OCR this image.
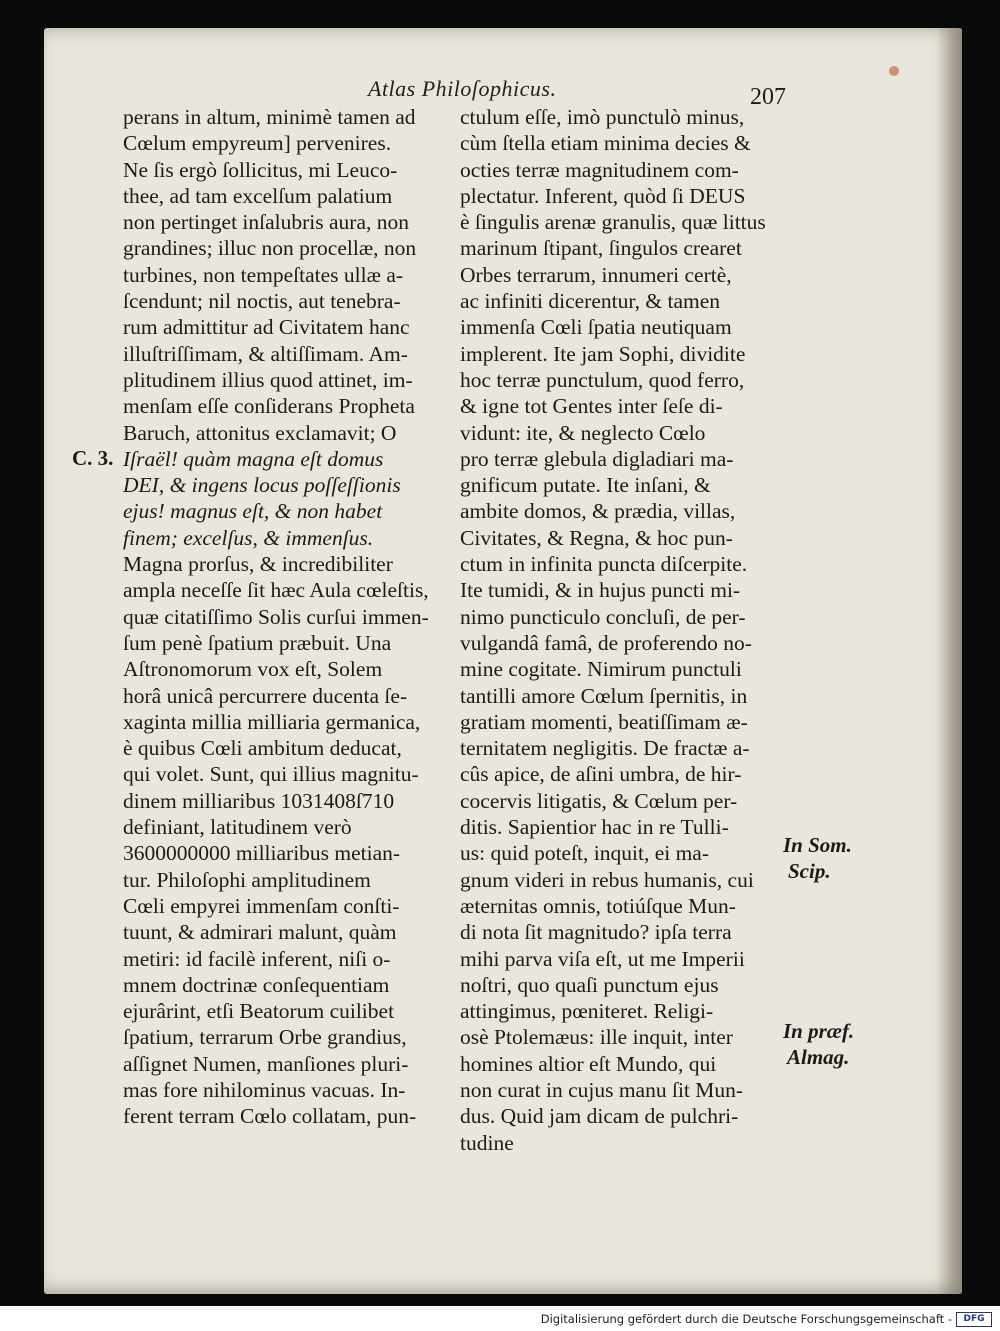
Atlas Philoſophicus.	207
perans in altum, minimè tamen ad
Cœlum empyreum] pervenires.
Ne ſis ergò ſollicitus, mi Leuco-
thee, ad tam excelſum palatium
non pertinget inſalubris aura, non
grandines; illuc non procellæ, non
turbines, non tempeſtates ullæ a-
ſcendunt; nil noctis, aut tenebra-
rum admittitur ad Civitatem hanc
illuſtriſſimam, & altiſſimam. Am-
plitudinem illius quod attinet, im-
menſam eſſe conſiderans Propheta
Baruch, attonitus exclamavit; O
Iſraël! quàm magna eſt domus
DEI, & ingens locus poſſeſſionis
ejus! magnus eſt, & non habet
finem; excelſus, & immenſus.
Magna prorſus, & incredibiliter
ampla neceſſe ſit hæc Aula cœleſtis,
quæ citatiſſimo Solis curſui immen-
ſum penè ſpatium præbuit. Una
Aſtronomorum vox eſt, Solem
horâ unicâ percurrere ducenta ſe-
xaginta millia milliaria germanica,
è quibus Cœli ambitum deducat,
qui volet. Sunt, qui illius magnitu-
dinem milliaribus 1031408ſ710
definiant, latitudinem verò
3600000000 milliaribus metian-
tur. Philoſophi amplitudinem
Cœli empyrei immenſam conſti-
tuunt, & admirari malunt, quàm
metiri: id facilè inferent, niſi o-
mnem doctrinæ conſequentiam
ejurârint, etſi Beatorum cuilibet
ſpatium, terrarum Orbe grandius,
aſſignet Numen, manſiones pluri-
mas fore nihilominus vacuas. In-
ferent terram Cœlo collatam, pun-
ctulum eſſe, imò punctulò minus,
cùm ſtella etiam minima decies &
octies terræ magnitudinem com-
plectatur. Inferent, quòd ſi DEUS
è ſingulis arenæ granulis, quæ littus
marinum ſtipant, ſingulos crearet
Orbes terrarum, innumeri certè,
ac infiniti dicerentur, & tamen
immenſa Cœli ſpatia neutiquam
implerent. Ite jam Sophi, dividite
hoc terræ punctulum, quod ferro,
& igne tot Gentes inter ſeſe di-
vidunt: ite, & neglecto Cœlo
pro terræ glebula digladiari ma-
gnificum putate. Ite inſani, &
ambite domos, & prædia, villas,
Civitates, & Regna, & hoc pun-
ctum in infinita puncta diſcerpite.
Ite tumidi, & in hujus puncti mi-
nimo puncticulo concluſi, de per-
vulgandâ famâ, de proferendo no-
mine cogitate. Nimirum punctuli
tantilli amore Cœlum ſpernitis, in
gratiam momenti, beatiſſimam æ-
ternitatem negligitis. De fractæ a-
cûs apice, de aſini umbra, de hir-
cocervis litigatis, & Cœlum per-
ditis. Sapientior hac in re Tulli-
us: quid poteſt, inquit, ei ma-
gnum videri in rebus humanis, cui
æternitas omnis, totiúſque Mun-
di nota ſit magnitudo? ipſa terra
mihi parva viſa eſt, ut me Imperii
noſtri, quo quaſi punctum ejus
attingimus, pœniteret. Religi-
osè Ptolemæus: ille inquit, inter
homines altior eſt Mundo, qui
non curat in cujus manu ſit Mun-
dus. Quid jam dicam de pulchri-
tudine
C. 3.
In Som.
Scip.
In præf.
Almag.
Digitalisierung gefördert durch die Deutsche Forschungsgemeinschaft -	DFG
